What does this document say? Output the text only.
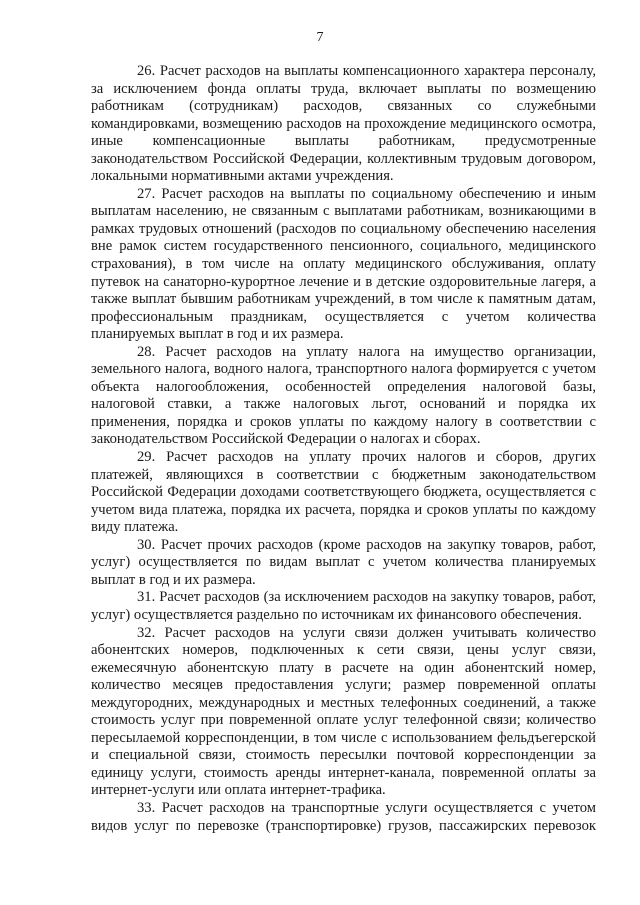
7

26. Расчет расходов на выплаты компенсационного характера персоналу, за исключением фонда оплаты труда, включает выплаты по возмещению работникам (сотрудникам) расходов, связанных со служебными командировками, возмещению расходов на прохождение медицинского осмотра, иные компенсационные выплаты работникам, предусмотренные законодательством Российской Федерации, коллективным трудовым договором, локальными нормативными актами учреждения.

27. Расчет расходов на выплаты по социальному обеспечению и иным выплатам населению, не связанным с выплатами работникам, возникающими в рамках трудовых отношений (расходов по социальному обеспечению населения вне рамок систем государственного пенсионного, социального, медицинского страхования), в том числе на оплату медицинского обслуживания, оплату путевок на санаторно-курортное лечение и в детские оздоровительные лагеря, а также выплат бывшим работникам учреждений, в том числе к памятным датам, профессиональным праздникам, осуществляется с учетом количества планируемых выплат в год и их размера.

28. Расчет расходов на уплату налога на имущество организации, земельного налога, водного налога, транспортного налога формируется с учетом объекта налогообложения, особенностей определения налоговой базы, налоговой ставки, а также налоговых льгот, оснований и порядка их применения, порядка и сроков уплаты по каждому налогу в соответствии с законодательством Российской Федерации о налогах и сборах.

29. Расчет расходов на уплату прочих налогов и сборов, других платежей, являющихся в соответствии с бюджетным законодательством Российской Федерации доходами соответствующего бюджета, осуществляется с учетом вида платежа, порядка их расчета, порядка и сроков уплаты по каждому виду платежа.

30. Расчет прочих расходов (кроме расходов на закупку товаров, работ, услуг) осуществляется по видам выплат с учетом количества планируемых выплат в год и их размера.

31. Расчет расходов (за исключением расходов на закупку товаров, работ, услуг) осуществляется раздельно по источникам их финансового обеспечения.

32. Расчет расходов на услуги связи должен учитывать количество абонентских номеров, подключенных к сети связи, цены услуг связи, ежемесячную абонентскую плату в расчете на один абонентский номер, количество месяцев предоставления услуги; размер повременной оплаты междугородних, международных и местных телефонных соединений, а также стоимость услуг при повременной оплате услуг телефонной связи; количество пересылаемой корреспонденции, в том числе с использованием фельдъегерской и специальной связи, стоимость пересылки почтовой корреспонденции за единицу услуги, стоимость аренды интернет-канала, повременной оплаты за интернет-услуги или оплата интернет-трафика.

33. Расчет расходов на транспортные услуги осуществляется с учетом видов услуг по перевозке (транспортировке) грузов, пассажирских перевозок
